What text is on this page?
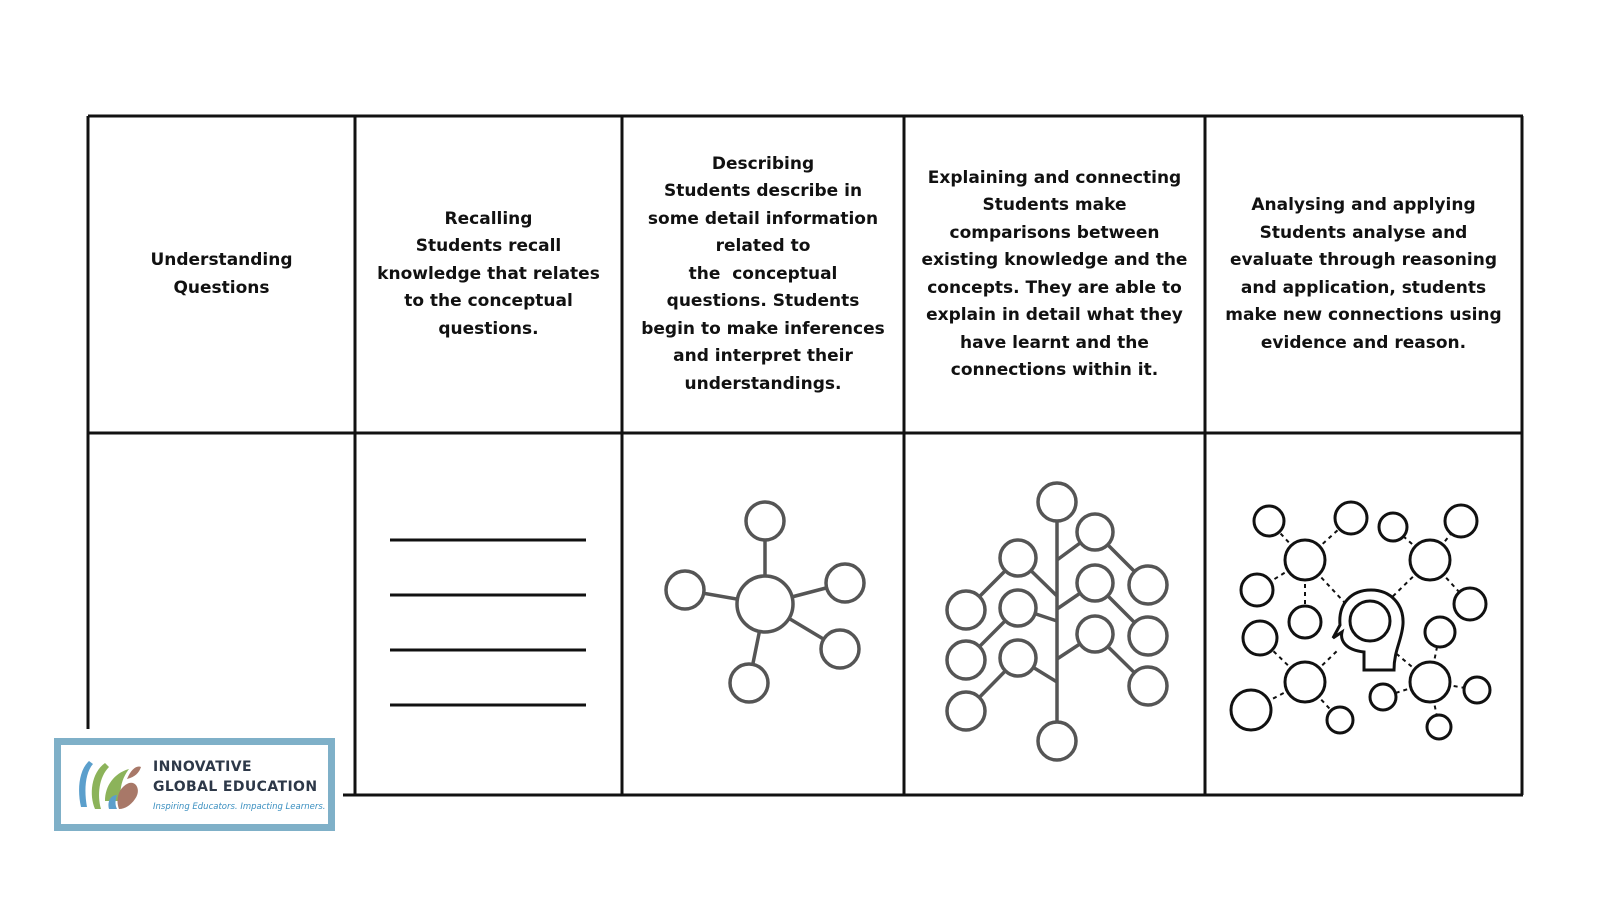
Understanding
Questions
Recalling
Students recall
knowledge that relates
to the conceptual
questions.
Describing
Students describe in
some detail information
related to
the  conceptual
questions. Students
begin to make inferences
and interpret their
understandings.
Explaining and connecting
Students make
comparisons between
existing knowledge and the
concepts. They are able to
explain in detail what they
have learnt and the
connections within it.
Analysing and applying
Students analyse and
evaluate through reasoning
and application, students
make new connections using
evidence and reason.
INNOVATIVE
GLOBAL EDUCATION
Inspiring Educators. Impacting Learners.
